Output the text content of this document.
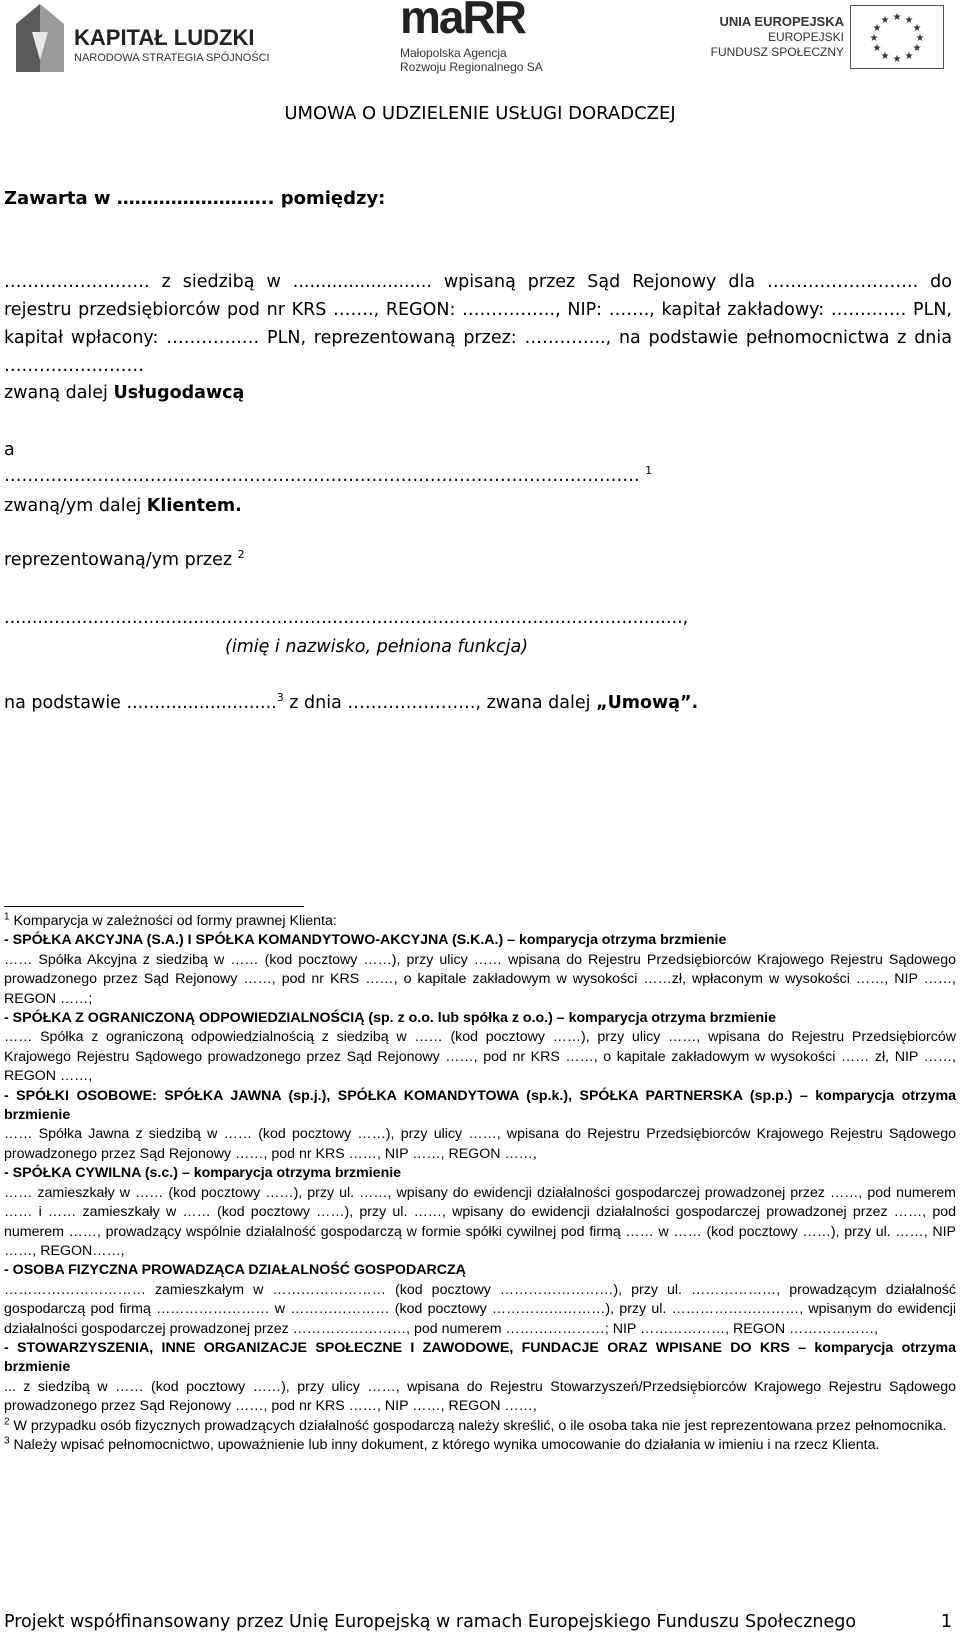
KAPITAŁ LUDZKI
NARODOWA STRATEGIA SPÓJNOŚCI
maRR
Małopolska Agencja
Rozwoju Regionalnego SA
UNIA EUROPEJSKA
EUROPEJSKI
FUNDUSZ SPOŁECZNY
★ ★
★
★
★
★
★
★
★
★
★
★
UMOWA O UDZIELENIE USŁUGI DORADCZEJ
Zawarta w …………………….. pomiędzy:
……………………. z siedzibą w ......................... wpisaną przez Sąd Rejonowy dla …………………….. do rejestru przedsiębiorców pod nr KRS ……., REGON: ……………., NIP: ……., kapitał zakładowy: ……….… PLN, kapitał wpłacony: ………….… PLN, reprezentowaną przez: ………….., na podstawie pełnomocnictwa z dnia ……………………
zwaną dalej Usługodawcą
a
………………………………………………………………………………………………. $^1$
zwaną/ym dalej Klientem.
reprezentowaną/ym przez $^2$
..........................................................................................................................,
(imię i nazwisko, pełniona funkcja)
na podstawie ...........................$^3$ z dnia …………………., zwana dalej „Umową”.

$^1$ Komparycja w zależności od formy prawnej Klienta:

- SPÓŁKA AKCYJNA (S.A.) I SPÓŁKA KOMANDYTOWO-AKCYJNA (S.K.A.) – komparycja otrzyma brzmienie

…… Spółka Akcyjna z siedzibą w …… (kod pocztowy ……), przy ulicy …… wpisana do Rejestru Przedsiębiorców Krajowego Rejestru Sądowego prowadzonego przez Sąd Rejonowy ……, pod nr KRS ……, o kapitale zakładowym w wysokości ……zł, wpłaconym w wysokości ……, NIP ……, REGON ……;

- SPÓŁKA Z OGRANICZONĄ ODPOWIEDZIALNOŚCIĄ (sp. z o.o. lub spółka z o.o.) – komparycja otrzyma brzmienie

…… Spółka z ograniczoną odpowiedzialnością z siedzibą w …… (kod pocztowy ……), przy ulicy ……, wpisana do Rejestru Przedsiębiorców Krajowego Rejestru Sądowego prowadzonego przez Sąd Rejonowy ……, pod nr KRS ……, o kapitale zakładowym w wysokości …… zł, NIP ……, REGON ……,

- SPÓŁKI OSOBOWE: SPÓŁKA JAWNA (sp.j.), SPÓŁKA KOMANDYTOWA (sp.k.), SPÓŁKA PARTNERSKA (sp.p.) – komparycja otrzyma brzmienie

…… Spółka Jawna z siedzibą w …… (kod pocztowy ……), przy ulicy ……, wpisana do Rejestru Przedsiębiorców Krajowego Rejestru Sądowego prowadzonego przez Sąd Rejonowy ……, pod nr KRS ……, NIP ……, REGON ……,

- SPÓŁKA CYWILNA (s.c.) – komparycja otrzyma brzmienie

…… zamieszkały w …… (kod pocztowy ……), przy ul. ……, wpisany do ewidencji działalności gospodarczej prowadzonej przez ……, pod numerem …… i …… zamieszkały w …… (kod pocztowy ……), przy ul. ……, wpisany do ewidencji działalności gospodarczej prowadzonej przez ……, pod numerem ……, prowadzący wspólnie działalność gospodarczą w formie spółki cywilnej pod firmą …… w …… (kod pocztowy ……), przy ul. ……, NIP ……, REGON……,

- OSOBA FIZYCZNA PROWADZĄCA DZIAŁALNOŚĆ GOSPODARCZĄ

………………………… zamieszkałym w …………………… (kod pocztowy ……………………), przy ul. ………………, prowadzącym działalność gospodarczą pod firmą …………………… w ………………… (kod pocztowy ……………………), przy ul. ………………………, wpisanym do ewidencji działalności gospodarczej prowadzonej przez ……………………, pod numerem …………………; NIP ………………, REGON ………………,

- STOWARZYSZENIA, INNE ORGANIZACJE SPOŁECZNE I ZAWODOWE, FUNDACJE ORAZ WPISANE DO KRS – komparycja otrzyma brzmienie

... z siedzibą w …… (kod pocztowy ……), przy ulicy ……, wpisana do Rejestru Stowarzyszeń/Przedsiębiorców Krajowego Rejestru Sądowego prowadzonego przez Sąd Rejonowy ……, pod nr KRS ……, NIP ……, REGON ……,

$^2$ W przypadku osób fizycznych prowadzących działalność gospodarczą należy skreślić, o ile osoba taka nie jest reprezentowana przez pełnomocnika.

$^3$ Należy wpisać pełnomocnictwo, upoważnienie lub inny dokument, z którego wynika umocowanie do działania w imieniu i na rzecz Klienta.

Projekt współfinansowany przez Unię Europejską w ramach Europejskiego Funduszu Społecznego	1
